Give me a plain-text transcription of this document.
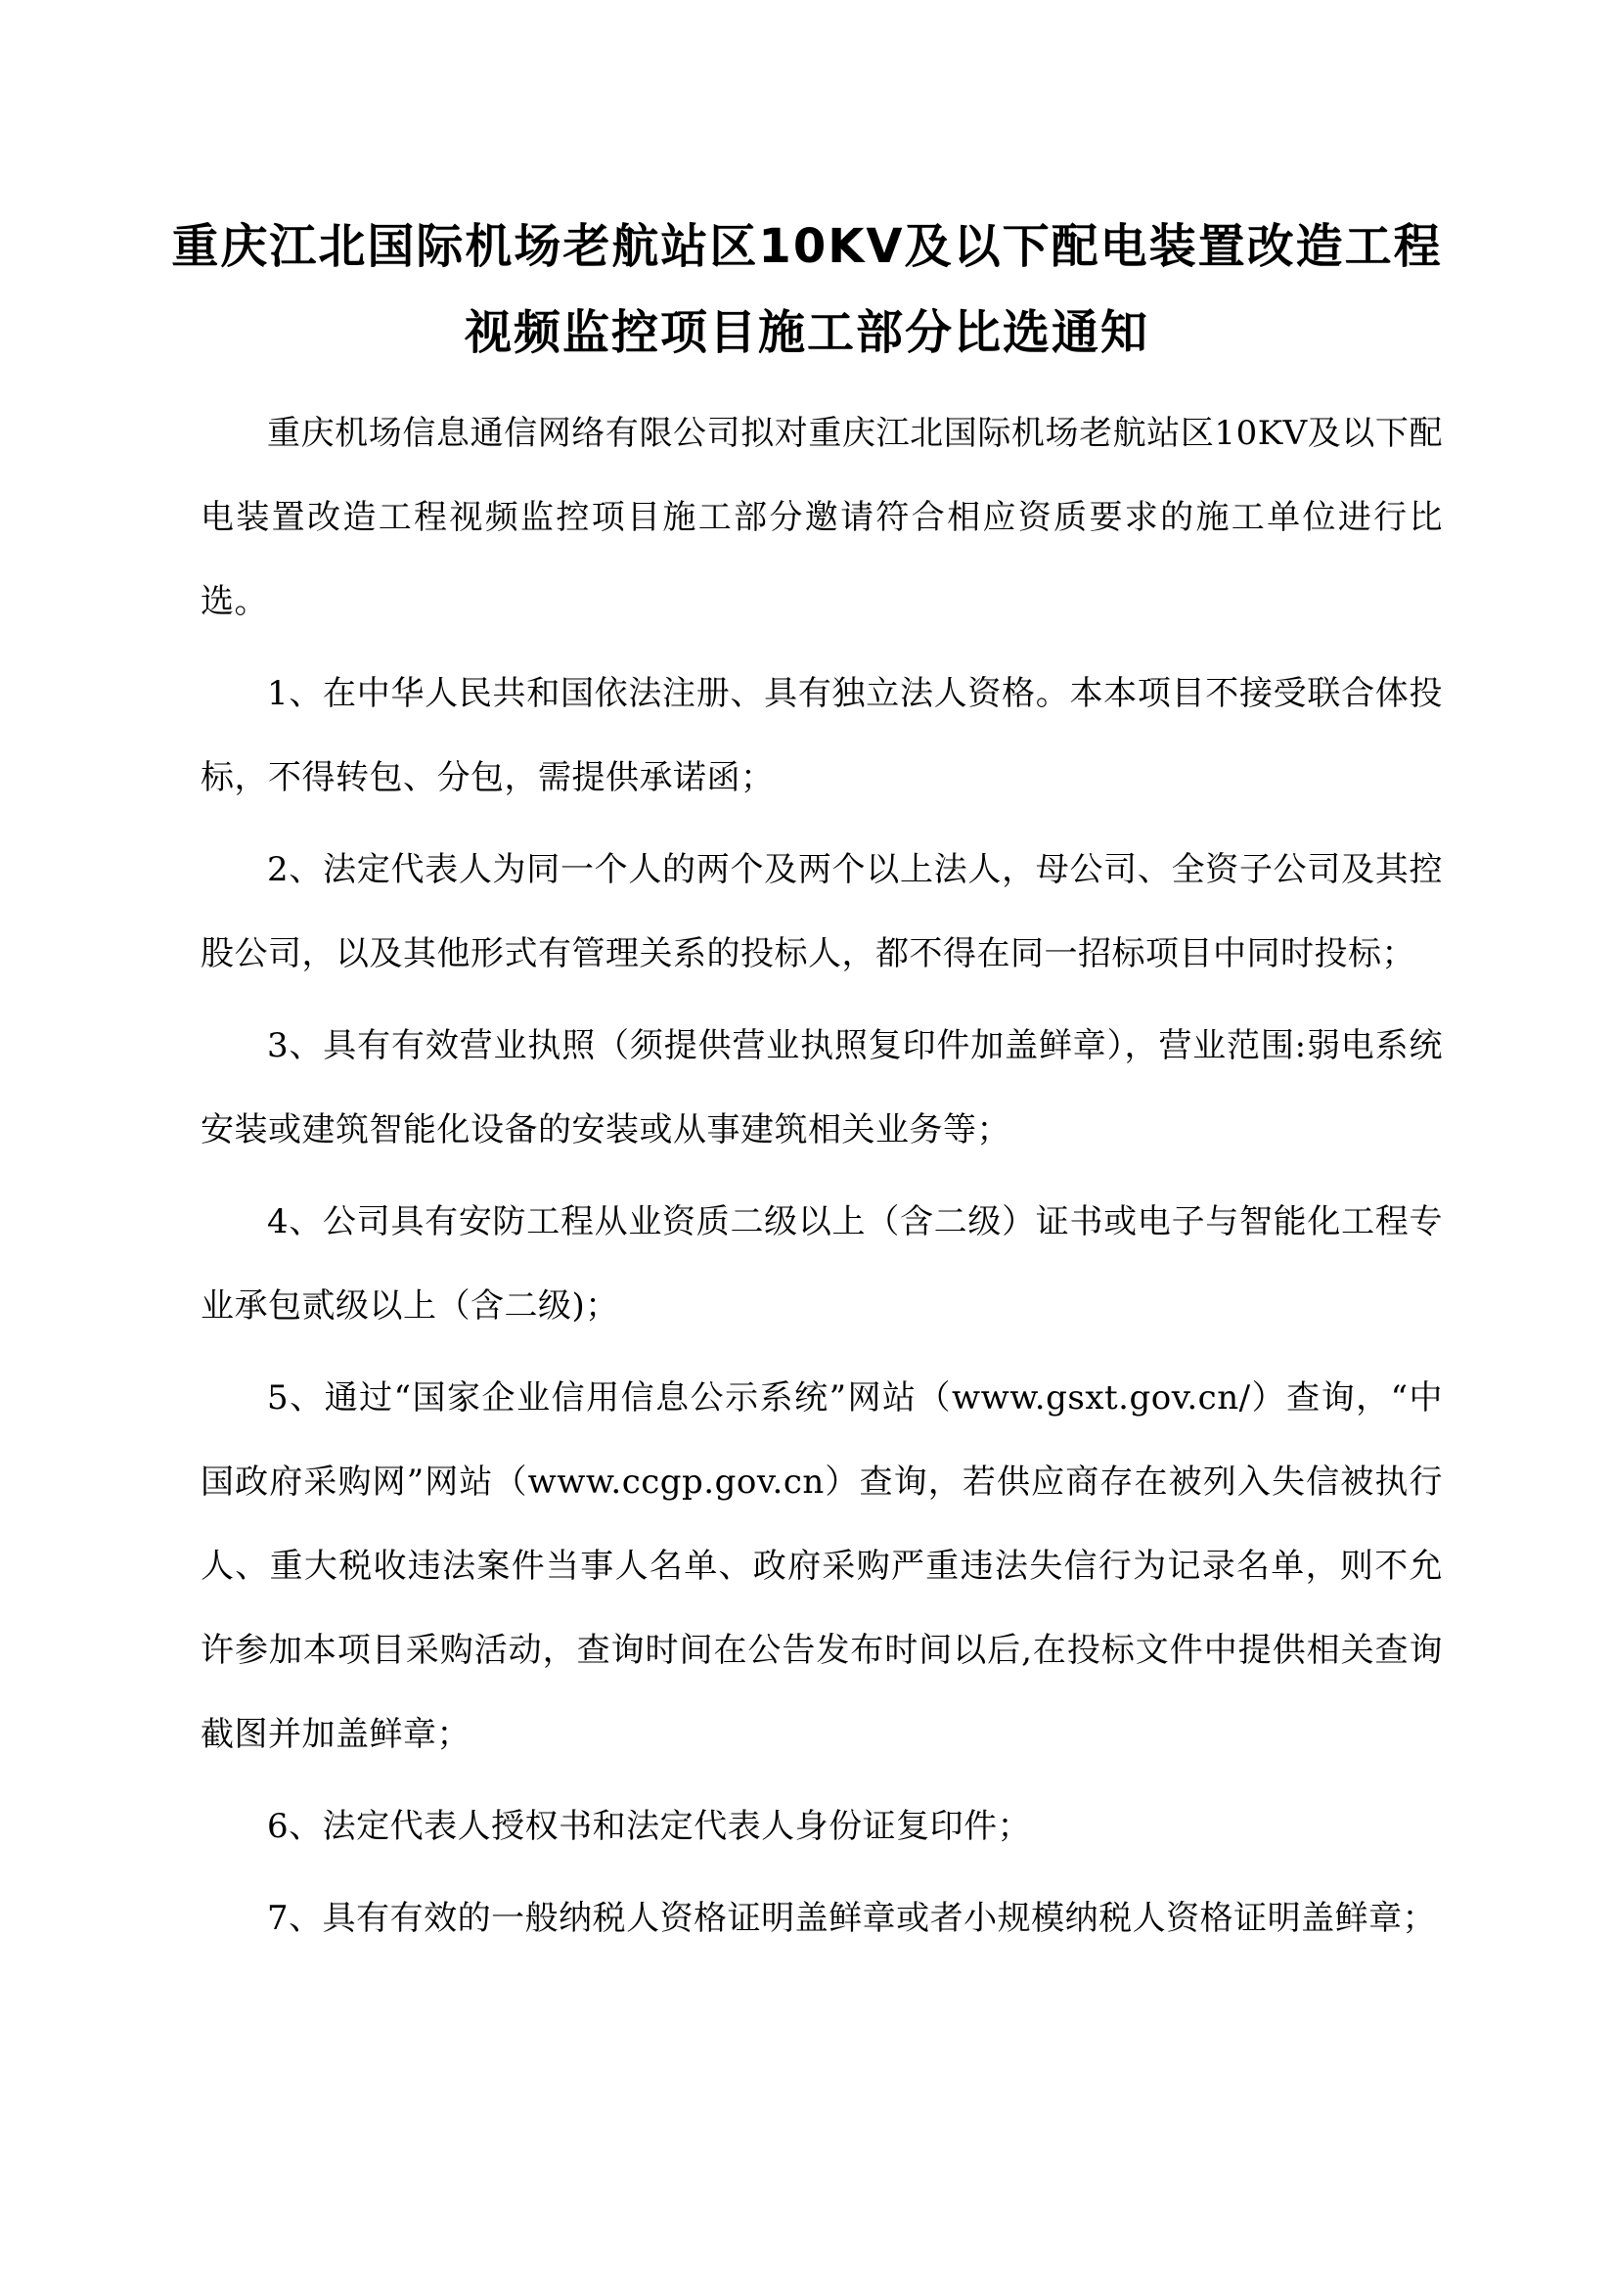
重庆江北国际机场老航站区10KV及以下配电装置改造工程
视频监控项目施工部分比选通知

重庆机场信息通信网络有限公司拟对重庆江北国际机场老航站区10KV及以下配电装置改造工程视频监控项目施工部分邀请符合相应资质要求的施工单位进行比选。

1、在中华人民共和国依法注册、具有独立法人资格。本本项目不接受联合体投标，不得转包、分包，需提供承诺函；

2、法定代表人为同一个人的两个及两个以上法人，母公司、全资子公司及其控股公司，以及其他形式有管理关系的投标人，都不得在同一招标项目中同时投标；

3、具有有效营业执照（须提供营业执照复印件加盖鲜章），营业范围:弱电系统安装或建筑智能化设备的安装或从事建筑相关业务等；

4、公司具有安防工程从业资质二级以上（含二级）证书或电子与智能化工程专业承包贰级以上（含二级)；

5、通过“国家企业信用信息公示系统”网站（www.gsxt.gov.cn/）查询，“中国政府采购网”网站（www.ccgp.gov.cn）查询，若供应商存在被列入失信被执行人、重大税收违法案件当事人名单、政府采购严重违法失信行为记录名单，则不允许参加本项目采购活动，查询时间在公告发布时间以后,在投标文件中提供相关查询截图并加盖鲜章；

6、法定代表人授权书和法定代表人身份证复印件；

7、具有有效的一般纳税人资格证明盖鲜章或者小规模纳税人资格证明盖鲜章；
